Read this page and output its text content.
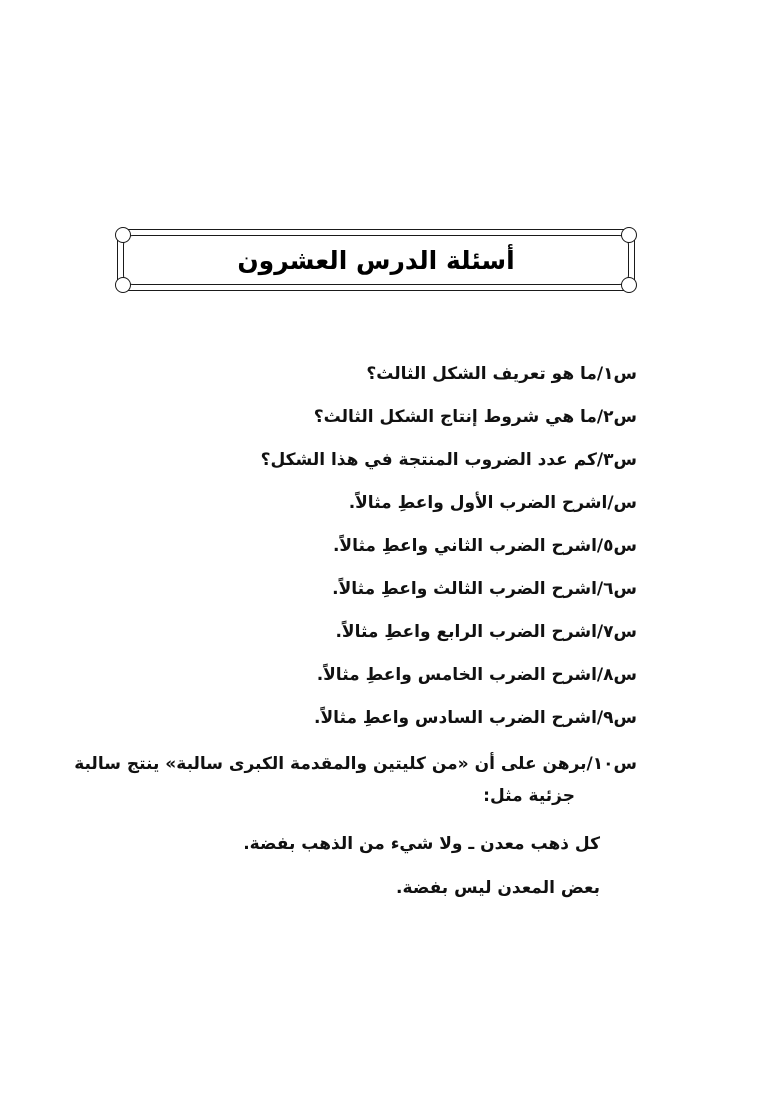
أسئلة الدرس العشرون
س١/ما هو تعريف الشكل الثالث؟
س٢/ما هي شروط إنتاج الشكل الثالث؟
س٣/كم عدد الضروب المنتجة في هذا الشكل؟
س/اشرح الضرب الأول واعطِ مثالاً.
س٥/اشرح الضرب الثاني واعطِ مثالاً.
س٦/اشرح الضرب الثالث واعطِ مثالاً.
س٧/اشرح الضرب الرابع واعطِ مثالاً.
س٨/اشرح الضرب الخامس واعطِ مثالاً.
س٩/اشرح الضرب السادس واعطِ مثالاً.
س١٠/برهن على أن «من كليتين والمقدمة الكبرى سالبة» ينتج سالبة
جزئية مثل:
كل ذهب معدن ـ ولا شيء من الذهب بفضة.
بعض المعدن ليس بفضة.
